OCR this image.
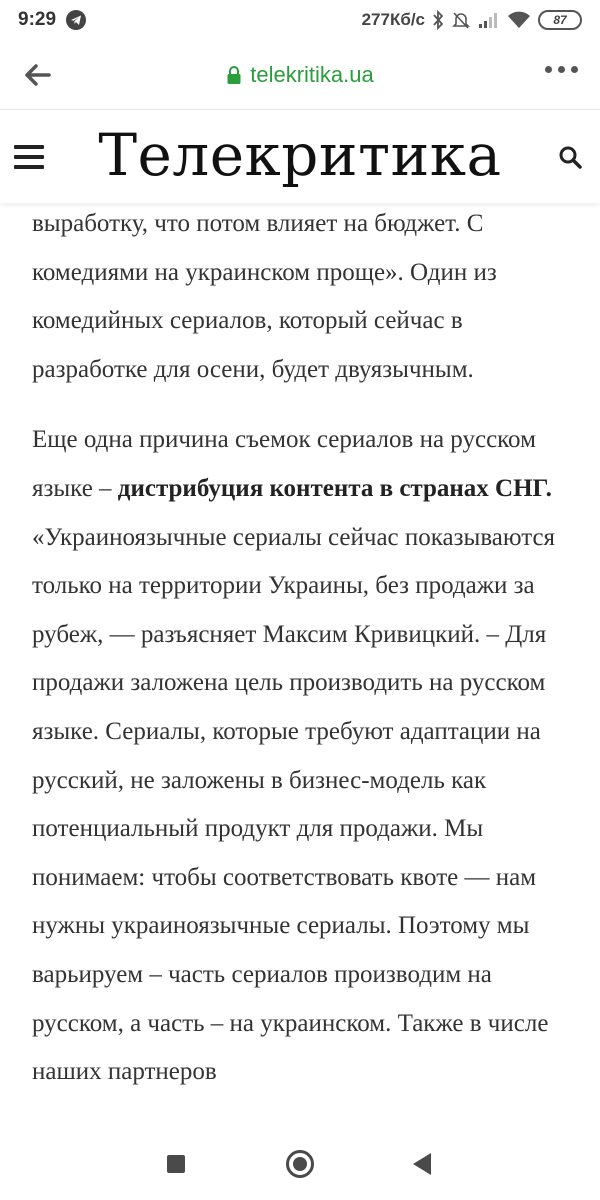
9:29	277Кб/с	87
telekritika.ua
Телекритика

выработку, что потом влияет на бюджет. С комедиями на украинском проще». Один из комедийных сериалов, который сейчас в разработке для осени, будет двуязычным.

Еще одна причина съемок сериалов на русском языке – дистрибуция контента в странах СНГ. «Украиноязычные сериалы сейчас показываются только на территории Украины, без продажи за рубеж, — разъясняет Максим Кривицкий. – Для продажи заложена цель производить на русском языке. Сериалы, которые требуют адаптации на русский, не заложены в бизнес-модель как потенциальный продукт для продажи. Мы понимаем: чтобы соответствовать квоте — нам нужны украиноязычные сериалы. Поэтому мы варьируем – часть сериалов производим на русском, а часть – на украинском. Также в числе наших партнеров
